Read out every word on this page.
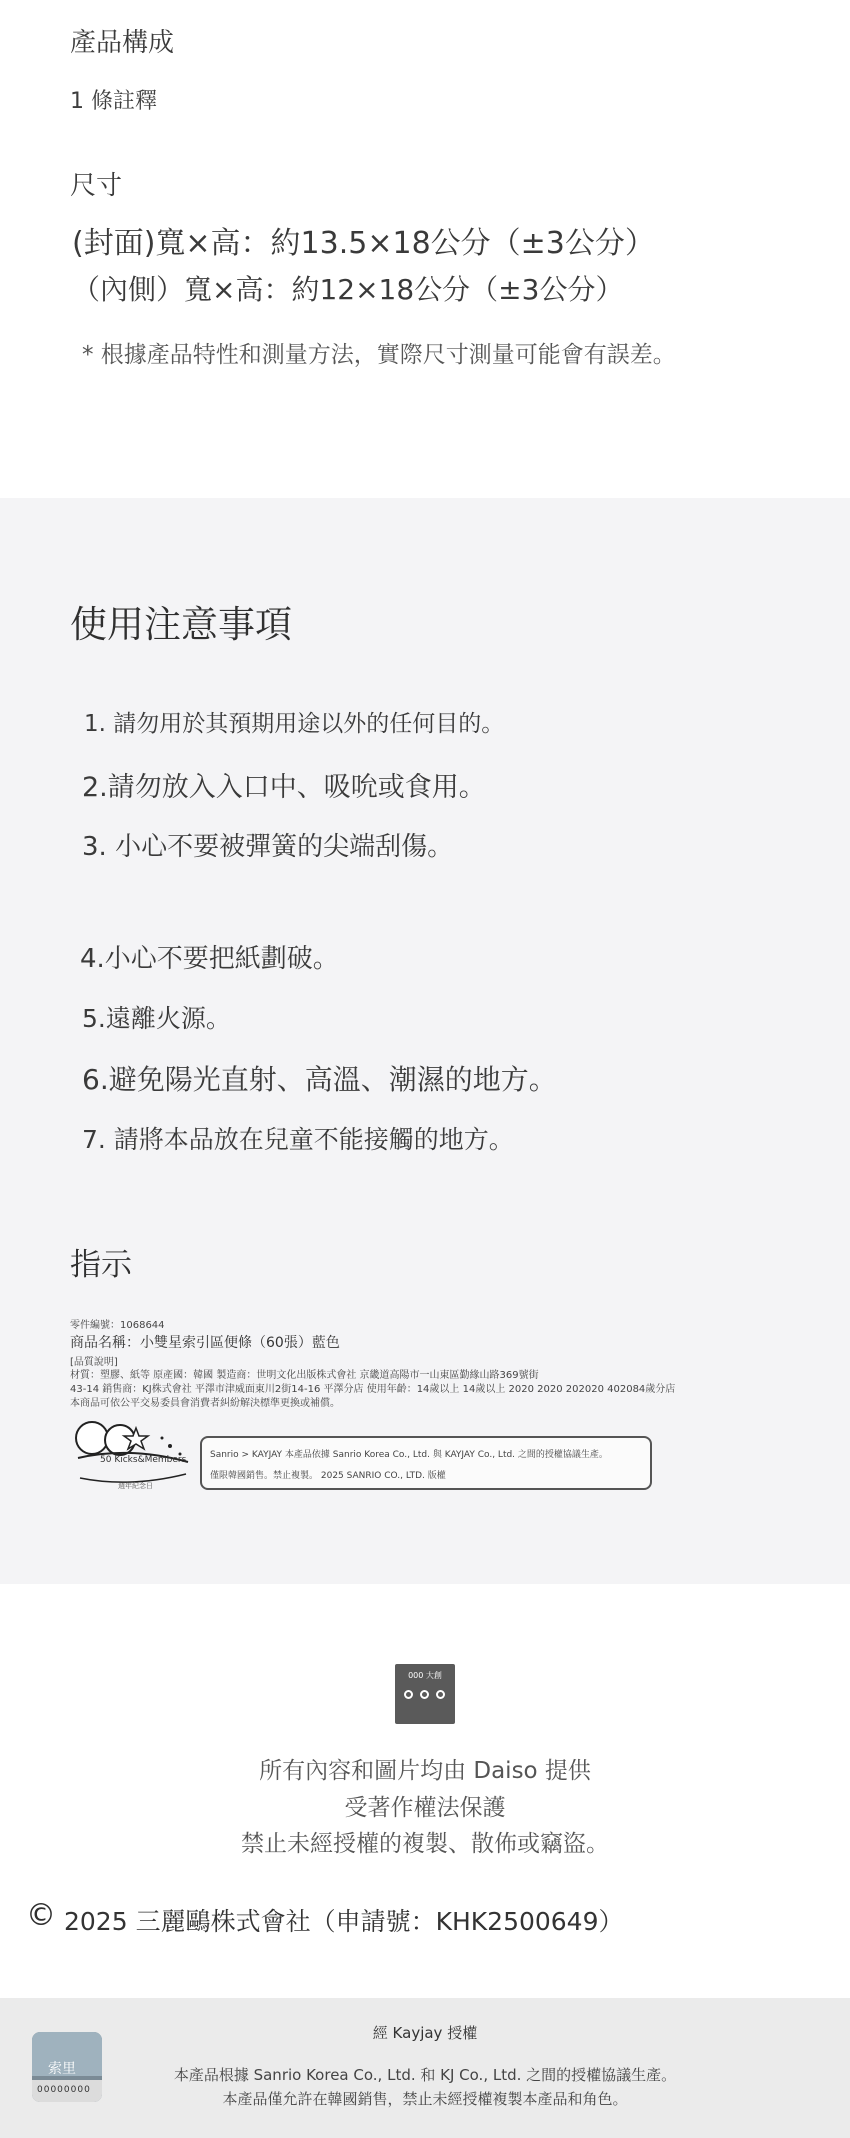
產品構成
1 條註釋
尺寸
(封面)寬×高：約13.5×18公分（±3公分）
（內側）寬×高：約12×18公分（±3公分）
* 根據產品特性和測量方法，實際尺寸測量可能會有誤差。
使用注意事項
1. 請勿用於其預期用途以外的任何目的。
2.請勿放入入口中、吸吮或食用。
3. 小心不要被彈簧的尖端刮傷。
4.小心不要把紙劃破。
5.遠離火源。
6.避免陽光直射、高溫、潮濕的地方。
7. 請將本品放在兒童不能接觸的地方。
指示
零件編號：1068644
商品名稱：小雙星索引區便條（60張）藍色
[品質說明]
材質：塑膠、紙等 原產國：韓國 製造商：世明文化出版株式會社 京畿道高陽市一山東區勤緣山路369號街
43-14 銷售商：KJ株式會社 平澤市津威面東川2街14-16 平澤分店 使用年齡：14歲以上 14歲以上 2020 2020 202020 402084歲分店
本商品可依公平交易委員會消費者糾紛解決標準更換或補償。
50 Kicks&Members
週年紀念日
Sanrio > KAYJAY 本產品依據 Sanrio Korea Co., Ltd. 與 KAYJAY Co., Ltd. 之間的授權協議生產。
僅限韓國銷售。禁止複製。 2025 SANRIO CO., LTD. 版權
000 大創
所有內容和圖片均由 Daiso 提供
受著作權法保護
禁止未經授權的複製、散佈或竊盜。
© 2025 三麗鷗株式會社（申請號：KHK2500649）
經 Kayjay 授權
索里
00000000
本產品根據 Sanrio Korea Co., Ltd. 和 KJ Co., Ltd. 之間的授權協議生產。
本產品僅允許在韓國銷售，禁止未經授權複製本產品和角色。
